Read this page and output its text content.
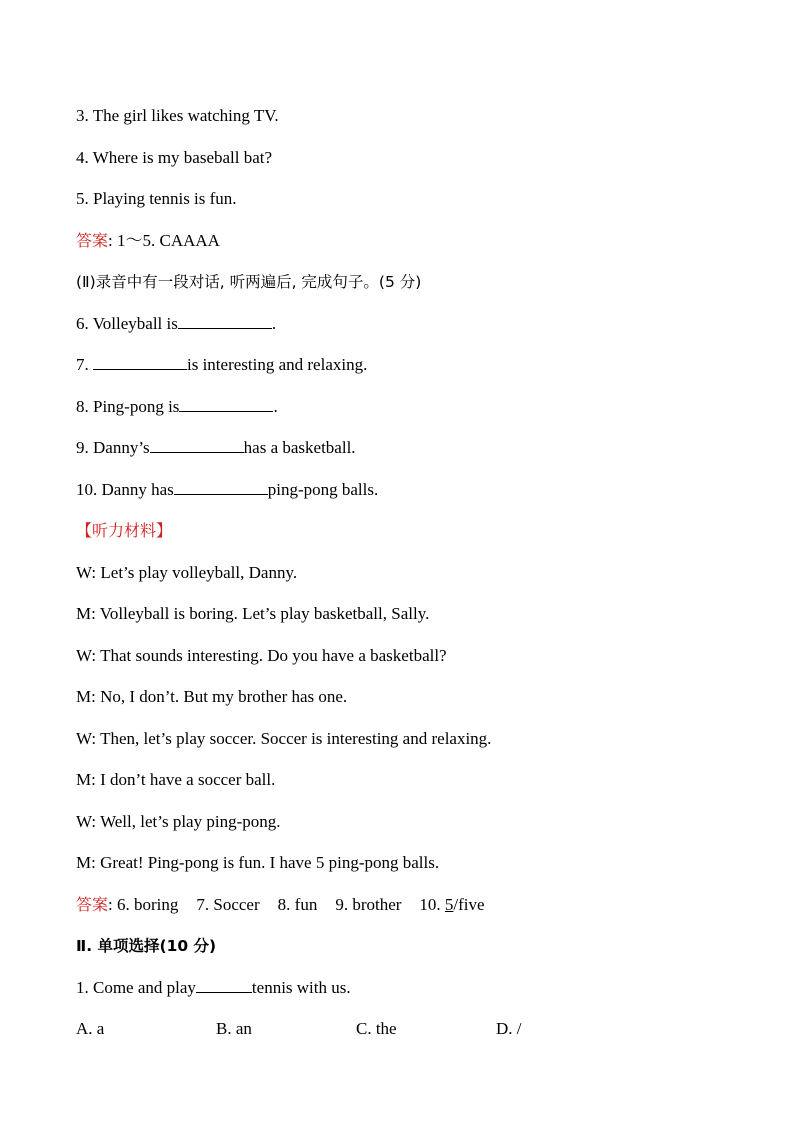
3. The girl likes watching TV.
4. Where is my baseball bat?
5. Playing tennis is fun.
答案: 1～5. CAAAA
(Ⅱ)录音中有一段对话, 听两遍后, 完成句子。(5 分)
6. Volleyball is	.
7.	is interesting and relaxing.
8. Ping-pong is	.
9. Danny’s	has a basketball.
10. Danny has	ping-pong balls.
【听力材料】
W: Let’s play volleyball, Danny.
M: Volleyball is boring. Let’s play basketball, Sally.
W: That sounds interesting. Do you have a basketball?
M: No, I don’t. But my brother has one.
W: Then, let’s play soccer. Soccer is interesting and relaxing.
M: I don’t have a soccer ball.
W: Well, let’s play ping-pong.
M: Great! Ping-pong is fun. I have 5 ping-pong balls.
答案: 6. boring 7. Soccer 8. fun 9. brother 10. 5/five
Ⅱ. 单项选择(10 分)
1. Come and play	tennis with us.
A. a	B. an	C. the	D. /
